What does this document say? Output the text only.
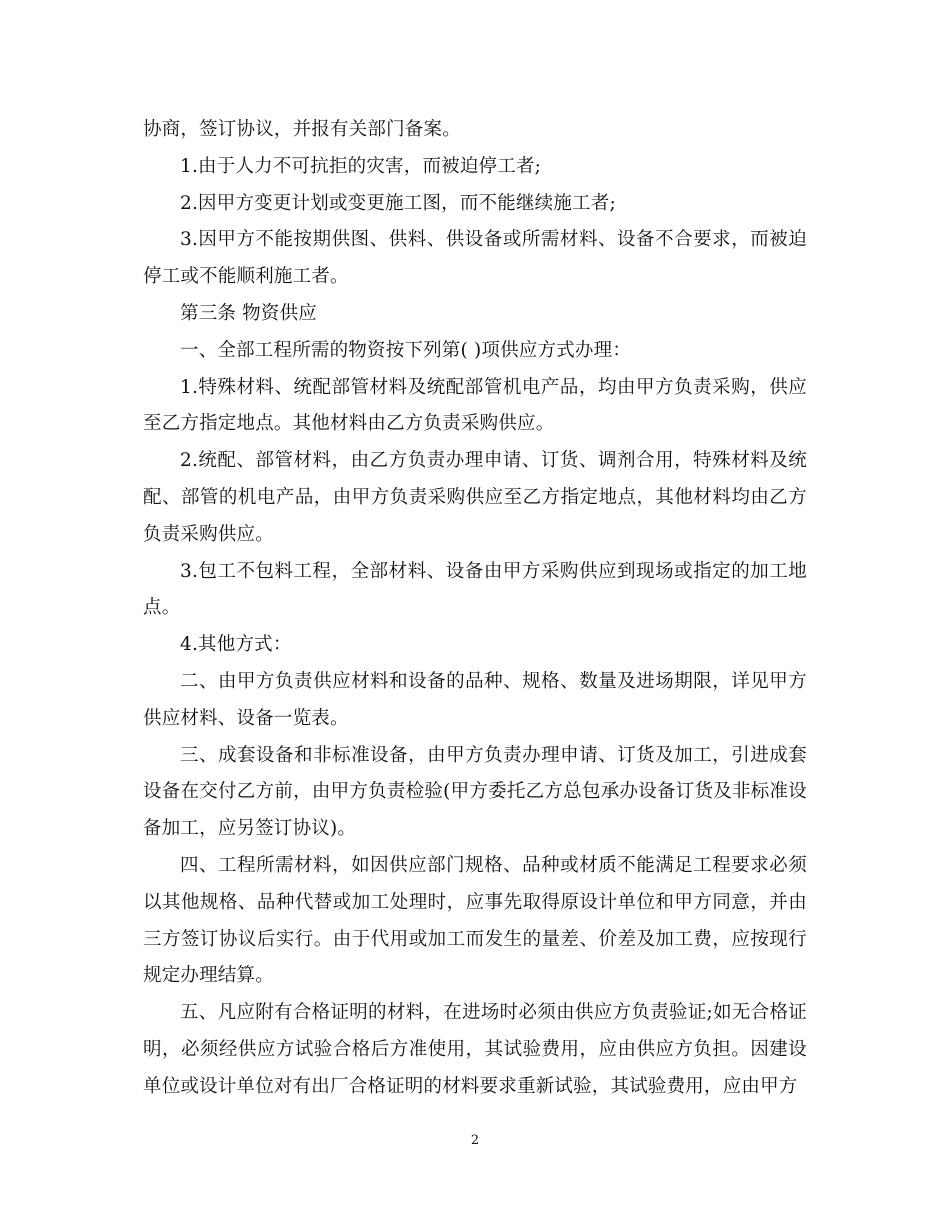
协商，签订协议，并报有关部门备案。

1.由于人力不可抗拒的灾害，而被迫停工者;

2.因甲方变更计划或变更施工图，而不能继续施工者;

3.因甲方不能按期供图、供料、供设备或所需材料、设备不合要求，而被迫停工或不能顺利施工者。

第三条 物资供应

一、全部工程所需的物资按下列第( )项供应方式办理：

1.特殊材料、统配部管材料及统配部管机电产品，均由甲方负责采购，供应至乙方指定地点。其他材料由乙方负责采购供应。

2.统配、部管材料，由乙方负责办理申请、订货、调剂合用，特殊材料及统配、部管的机电产品，由甲方负责采购供应至乙方指定地点，其他材料均由乙方负责采购供应。

3.包工不包料工程，全部材料、设备由甲方采购供应到现场或指定的加工地点。

4.其他方式：

二、由甲方负责供应材料和设备的品种、规格、数量及进场期限，详见甲方供应材料、设备一览表。

三、成套设备和非标准设备，由甲方负责办理申请、订货及加工，引进成套设备在交付乙方前，由甲方负责检验(甲方委托乙方总包承办设备订货及非标准设备加工，应另签订协议)。

四、工程所需材料，如因供应部门规格、品种或材质不能满足工程要求必须以其他规格、品种代替或加工处理时，应事先取得原设计单位和甲方同意，并由三方签订协议后实行。由于代用或加工而发生的量差、价差及加工费，应按现行规定办理结算。

五、凡应附有合格证明的材料，在进场时必须由供应方负责验证;如无合格证明，必须经供应方试验合格后方准使用，其试验费用，应由供应方负担。因建设单位或设计单位对有出厂合格证明的材料要求重新试验，其试验费用，应由甲方

2
